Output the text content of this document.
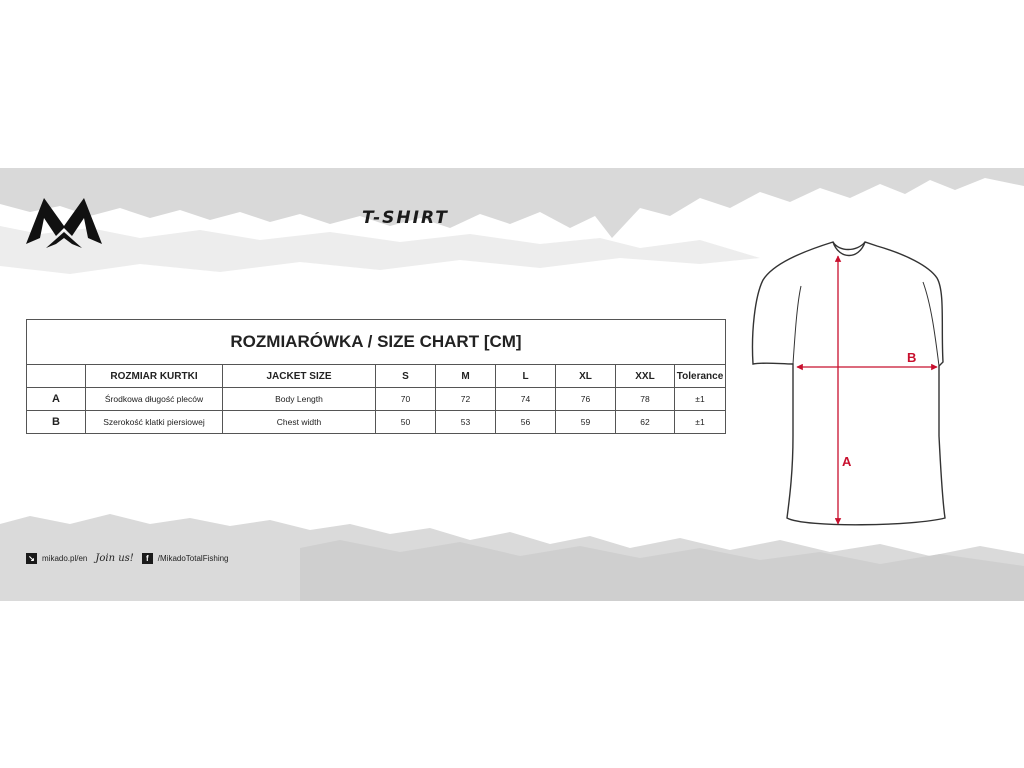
T-SHIRT
ROZMIARÓWKA / SIZE CHART [CM]								
	ROZMIAR KURTKI	JACKET SIZE	S	M	L	XL	XXL	Tolerance
A	Środkowa długość pleców	Body Length	70	72	74	76	78	±1
B	Szerokość klatki piersiowej	Chest width	50	53	56	59	62	±1
A
B
↘ mikado.pl/en Join us!	f	/MikadoTotalFishing
